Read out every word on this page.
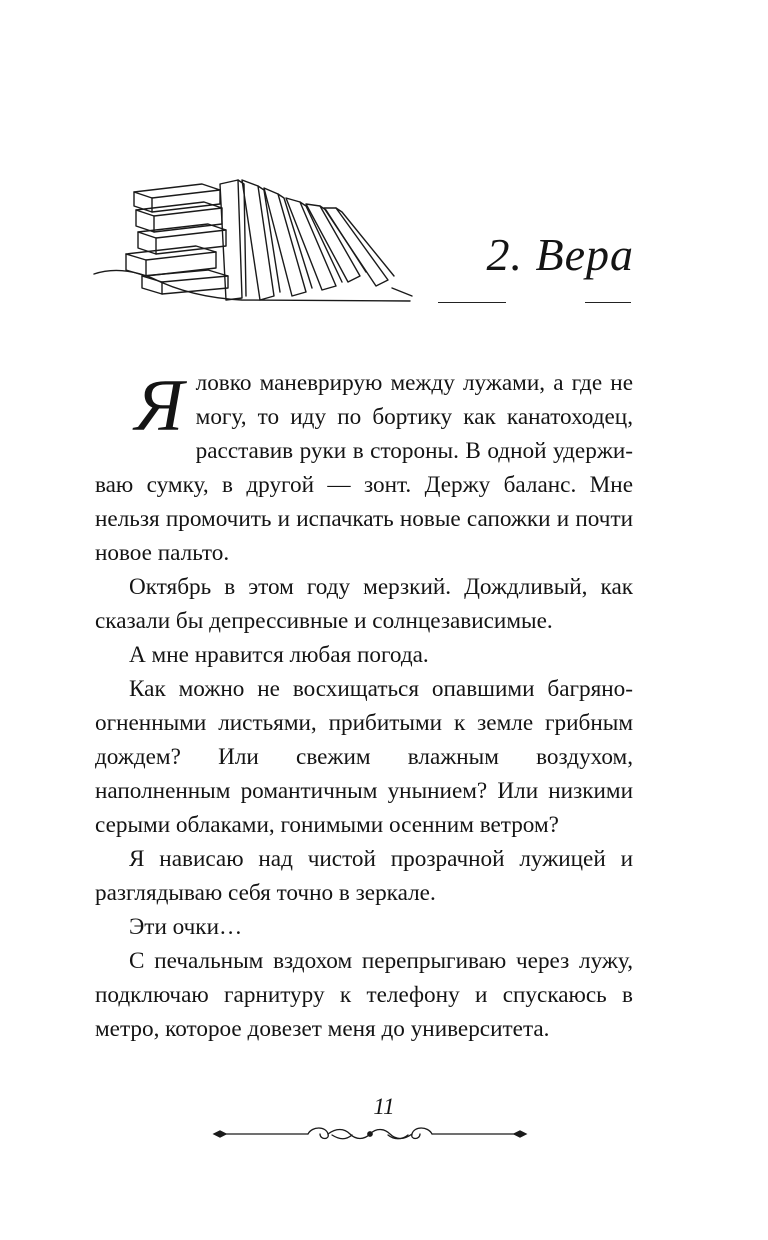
2. Вера

Я ловко маневрирую между лужами, а где не могу, то иду по бортику как канатоходец, расставив руки в стороны. В одной удерживаю сумку, в другой — зонт. Держу баланс. Мне нельзя промочить и испачкать новые сапожки и почти новое пальто.

Октябрь в этом году мерзкий. Дождливый, как сказали бы депрессивные и солнцезависимые.

А мне нравится любая погода.

Как можно не восхищаться опавшими багряно-огненными листьями, прибитыми к земле грибным дождем? Или свежим влажным воздухом, наполненным романтичным унынием? Или низкими серыми облаками, гонимыми осенним ветром?

Я нависаю над чистой прозрачной лужицей и разглядываю себя точно в зеркале.

Эти очки…

С печальным вздохом перепрыгиваю через лужу, подключаю гарнитуру к телефону и спускаюсь в метро, которое довезет меня до университета.

11
